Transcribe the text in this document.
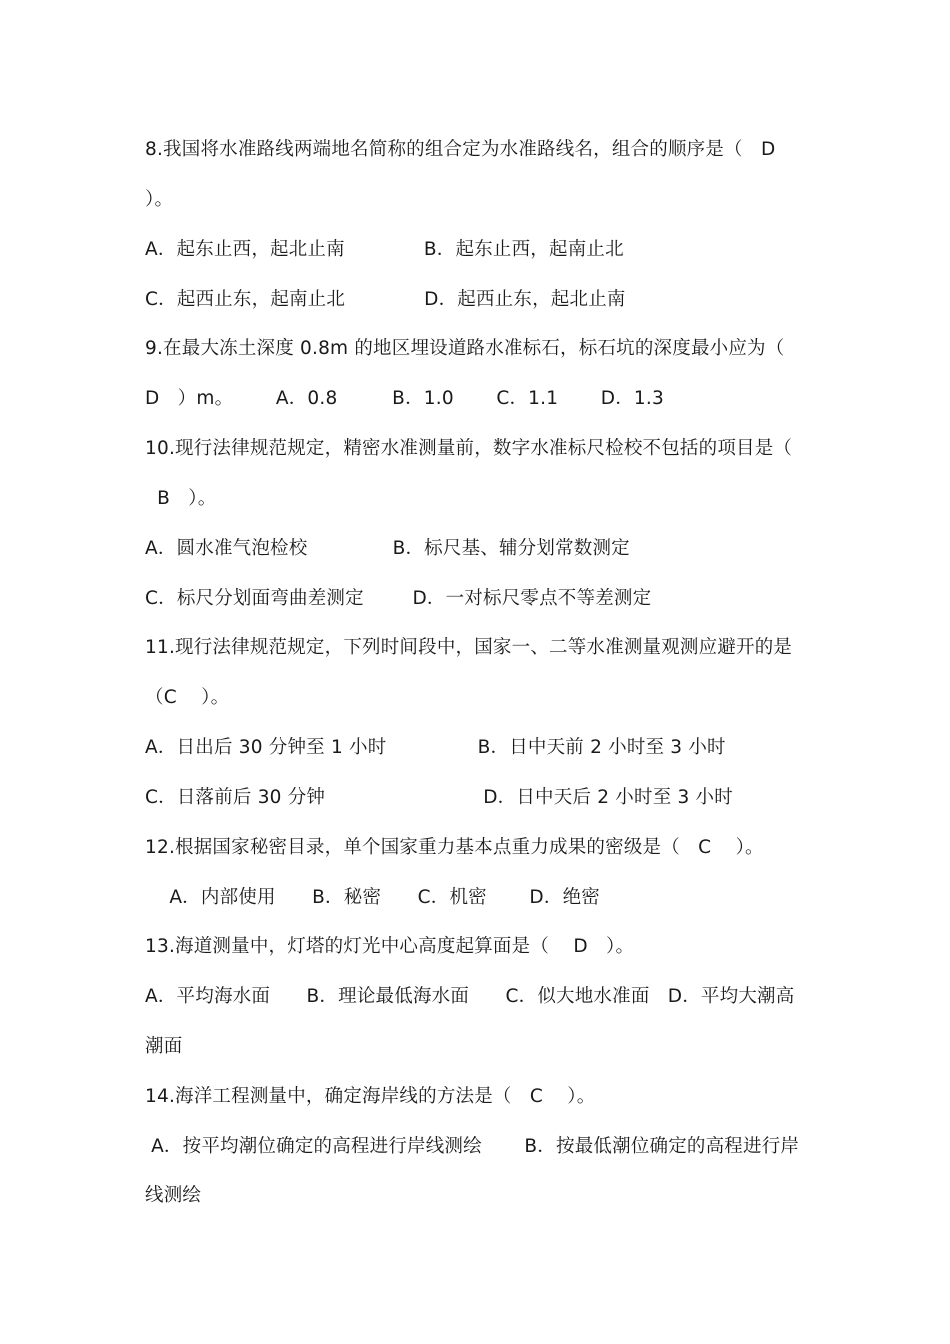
8.我国将水准路线两端地名简称的组合定为水准路线名，组合的顺序是（   D
）。
A．起东止西，起北止南             B．起东止西，起南止北
C．起西止东，起南止北             D．起西止东，起北止南
9.在最大冻土深度 0.8m 的地区埋设道路水准标石，标石坑的深度最小应为（
D   ）m。       A．0.8         B．1.0       C．1.1       D．1.3
10.现行法律规范规定，精密水准测量前，数字水准标尺检校不包括的项目是（
B   ）。
A．圆水准气泡检校              B．标尺基、辅分划常数测定
C．标尺分划面弯曲差测定        D．一对标尺零点不等差测定
11.现行法律规范规定，下列时间段中，国家一、二等水准测量观测应避开的是
（C    ）。
A．日出后 30 分钟至 1 小时               B．日中天前 2 小时至 3 小时
C．日落前后 30 分钟                          D．日中天后 2 小时至 3 小时
12.根据国家秘密目录，单个国家重力基本点重力成果的密级是（   C    ）。
A．内部使用      B．秘密      C．机密       D．绝密
13.海道测量中，灯塔的灯光中心高度起算面是（    D   ）。
A．平均海水面      B．理论最低海水面      C．似大地水准面   D．平均大潮高
潮面
14.海洋工程测量中，确定海岸线的方法是（   C    ）。
A．按平均潮位确定的高程进行岸线测绘       B．按最低潮位确定的高程进行岸
线测绘
